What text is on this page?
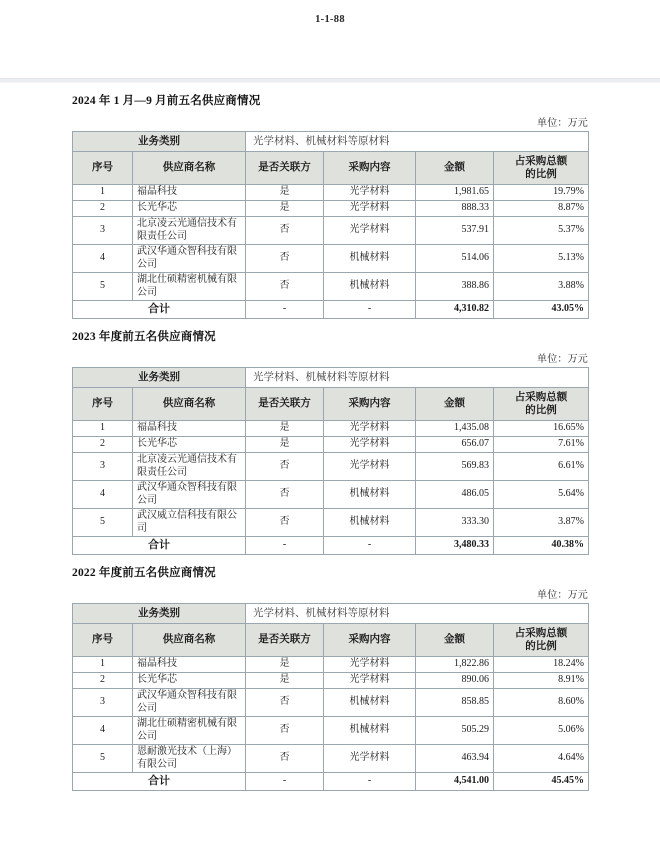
1-1-88
2024 年 1 月—9 月前五名供应商情况
单位：万元
业务类别		光学材料、机械材料等原材料			
序号	供应商名称	是否关联方	采购内容	金额	占采购总额
的比例

1	福晶科技	是	光学材料	1,981.65	19.79%
2	长光华芯	是	光学材料	888.33	8.87%
3	北京凌云光通信技术有限责任公司	否	光学材料	537.91	5.37%
4	武汉华通众智科技有限公司	否	机械材料	514.06	5.13%
5	湖北仕硕精密机械有限公司	否	机械材料	388.86	3.88%
合计		-	-	4,310.82	43.05%
2023 年度前五名供应商情况
单位：万元
业务类别		光学材料、机械材料等原材料			
序号	供应商名称	是否关联方	采购内容	金额	占采购总额
的比例

1	福晶科技	是	光学材料	1,435.08	16.65%
2	长光华芯	是	光学材料	656.07	7.61%
3	北京凌云光通信技术有限责任公司	否	光学材料	569.83	6.61%
4	武汉华通众智科技有限公司	否	机械材料	486.05	5.64%
5	武汉威立信科技有限公司	否	机械材料	333.30	3.87%
合计		-	-	3,480.33	40.38%
2022 年度前五名供应商情况
单位：万元
业务类别		光学材料、机械材料等原材料			
序号	供应商名称	是否关联方	采购内容	金额	占采购总额
的比例

1	福晶科技	是	光学材料	1,822.86	18.24%
2	长光华芯	是	光学材料	890.06	8.91%
3	武汉华通众智科技有限公司	否	机械材料	858.85	8.60%
4	湖北仕硕精密机械有限公司	否	机械材料	505.29	5.06%
5	恩耐激光技术（上海）有限公司	否	光学材料	463.94	4.64%
合计		-	-	4,541.00	45.45%
